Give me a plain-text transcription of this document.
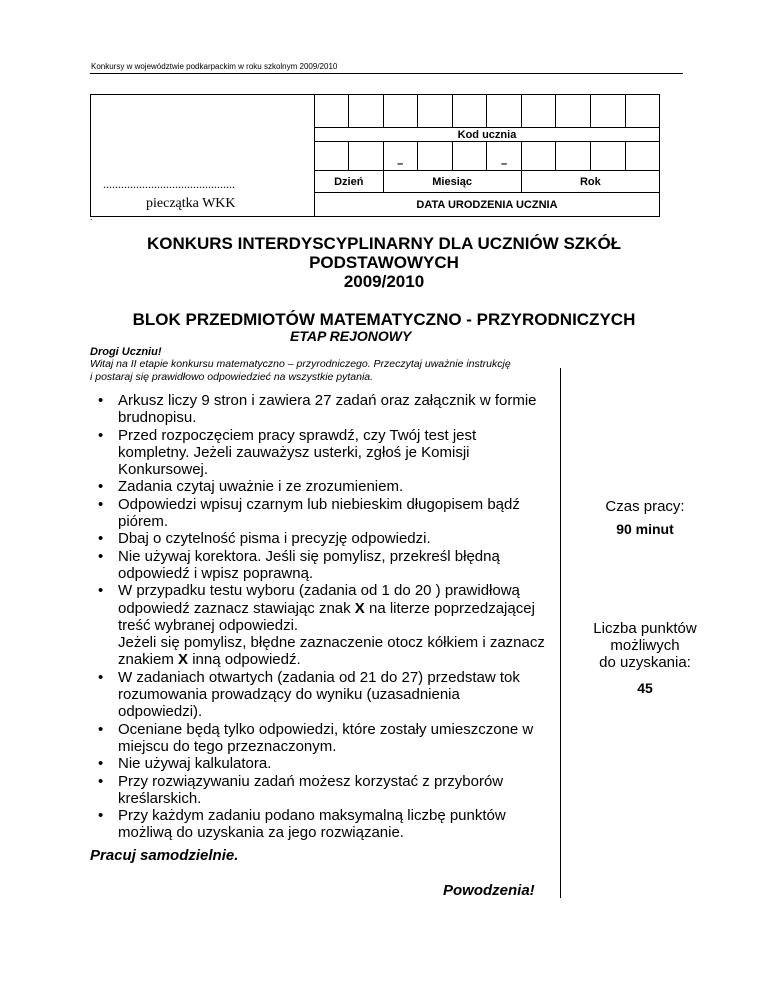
Konkursy w województwie podkarpackim w roku szkolnym 2009/2010
............................................
pieczątka WKK										

	Kod ucznia									
			–			–				
	Dzień		Miesiąc				Rok			
	DATA URODZENIA UCZNIA									
.
KONKURS INTERDYSCYPLINARNY DLA UCZNIÓW SZKÓŁ
PODSTAWOWYCH
2009/2010
BLOK PRZEDMIOTÓW MATEMATYCZNO - PRZYRODNICZYCH
ETAP REJONOWY
Drogi Uczniu!
Witaj na II etapie konkursu matematyczno – przyrodniczego. Przeczytaj uważnie instrukcję
i postaraj się prawidłowo odpowiedzieć na wszystkie pytania.
• Arkusz liczy 9 stron i zawiera 27 zadań oraz załącznik w formie brudnopisu.
• Przed rozpoczęciem pracy sprawdź, czy Twój test jest kompletny. Jeżeli zauważysz usterki, zgłoś je Komisji Konkursowej.
• Zadania czytaj uważnie i ze zrozumieniem.
• Odpowiedzi wpisuj czarnym lub niebieskim długopisem bądź piórem.
• Dbaj o czytelność pisma i precyzję odpowiedzi.
• Nie używaj korektora. Jeśli się pomylisz, przekreśl błędną odpowiedź i wpisz poprawną.
• W przypadku testu wyboru (zadania od 1 do 20 ) prawidłową odpowiedź zaznacz stawiając znak X na literze poprzedzającej treść wybranej odpowiedzi.
Jeżeli się pomylisz, błędne zaznaczenie otocz kółkiem i zaznacz znakiem X inną odpowiedź.
• W zadaniach otwartych (zadania od 21 do 27) przedstaw tok rozumowania prowadzący do wyniku (uzasadnienia odpowiedzi).
• Oceniane będą tylko odpowiedzi, które zostały umieszczone w miejscu do tego przeznaczonym.
• Nie używaj kalkulatora.
• Przy rozwiązywaniu zadań możesz korzystać z przyborów kreślarskich.
• Przy każdym zadaniu podano maksymalną liczbę punktów możliwą do uzyskania za jego rozwiązanie.
Czas pracy:
90 minut
Liczba punktów
możliwych
do uzyskania:
45
Pracuj samodzielnie.
Powodzenia!
